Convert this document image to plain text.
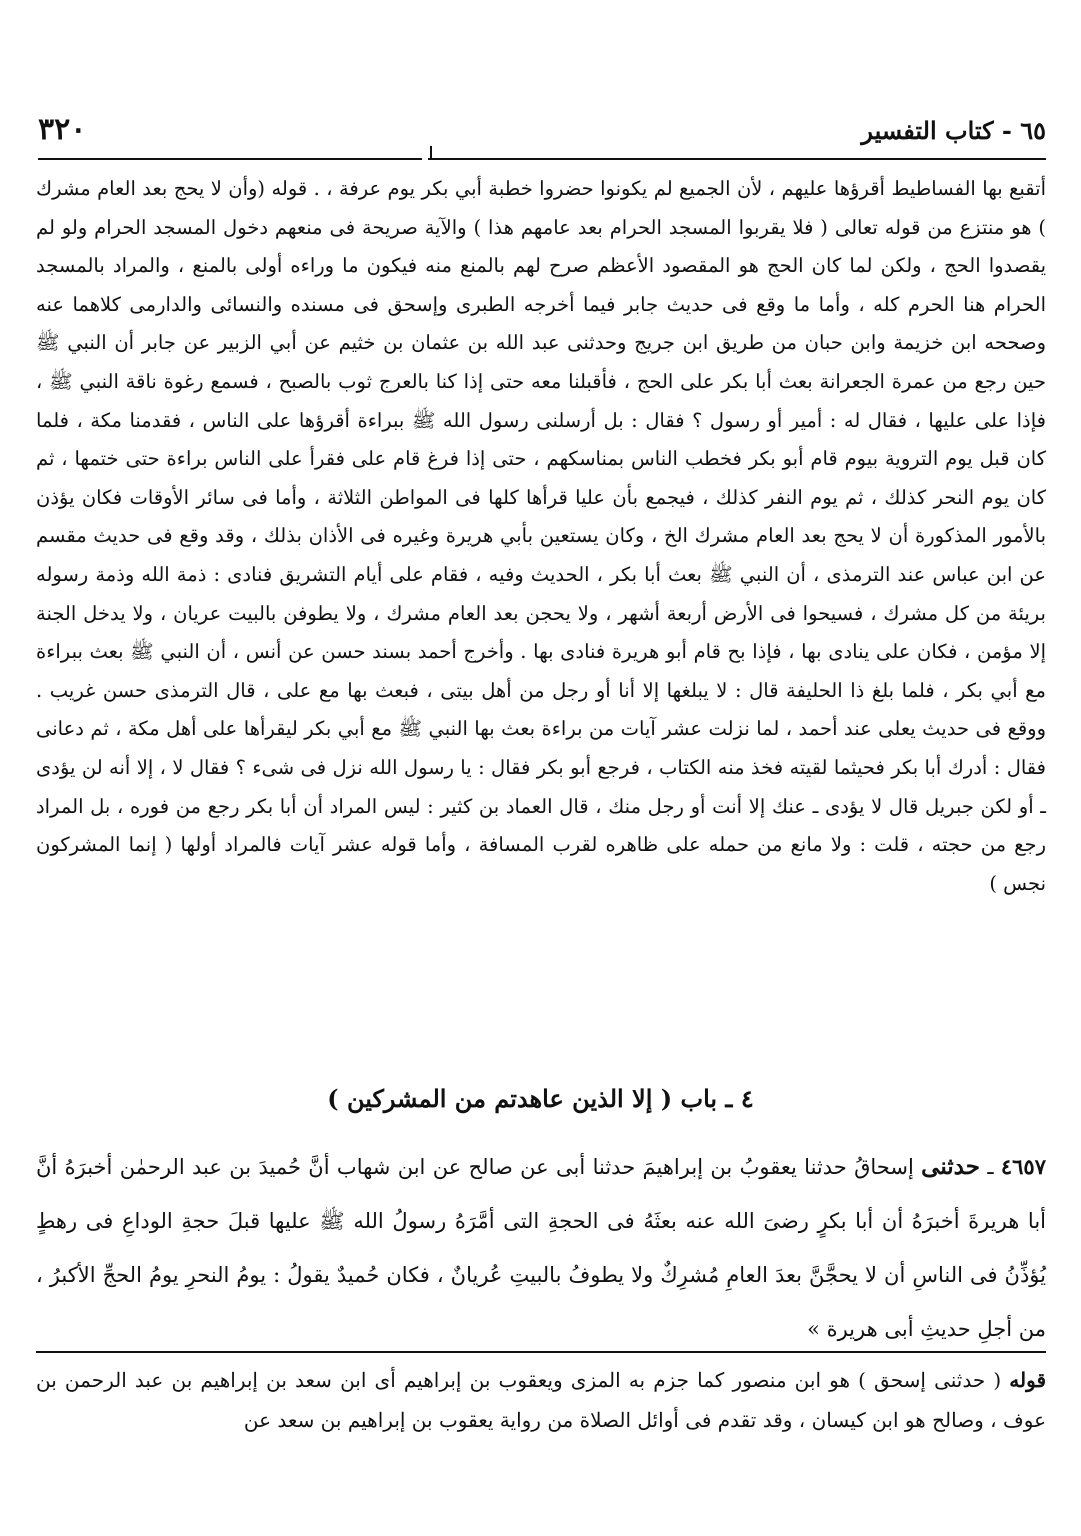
٣٢٠	٦٥ - كتاب التفسير

أتقبع بها الفساطيط أقرؤها عليهم ، لأن الجميع لم يكونوا حضروا خطبة أبي بكر يوم عرفة ، . قوله (وأن لا يحج بعد العام مشرك ) هو منتزع من قوله تعالى ( فلا يقربوا المسجد الحرام بعد عامهم هذا ) والآية صريحة فى منعهم دخول المسجد الحرام ولو لم يقصدوا الحج ، ولكن لما كان الحج هو المقصود الأعظم صرح لهم بالمنع منه فيكون ما وراءه أولى بالمنع ، والمراد بالمسجد الحرام هنا الحرم كله ، وأما ما وقع فى حديث جابر فيما أخرجه الطبرى وإسحق فى مسنده والنسائى والدارمى كلاهما عنه وصححه ابن خزيمة وابن حبان من طريق ابن جريج وحدثنى عبد الله بن عثمان بن خثيم عن أبي الزبير عن جابر أن النبي ﷺ حين رجع من عمرة الجعرانة بعث أبا بكر على الحج ، فأقبلنا معه حتى إذا كنا بالعرج ثوب بالصبح ، فسمع رغوة ناقة النبي ﷺ ، فإذا على عليها ، فقال له : أمير أو رسول ؟ فقال : بل أرسلنى رسول الله ﷺ ببراءة أقرؤها على الناس ، فقدمنا مكة ، فلما كان قبل يوم التروية بيوم قام أبو بكر فخطب الناس بمناسكهم ، حتى إذا فرغ قام على فقرأ على الناس براءة حتى ختمها ، ثم كان يوم النحر كذلك ، ثم يوم النفر كذلك ، فيجمع بأن عليا قرأها كلها فى المواطن الثلاثة ، وأما فى سائر الأوقات فكان يؤذن بالأمور المذكورة أن لا يحج بعد العام مشرك الخ ، وكان يستعين بأبي هريرة وغيره فى الأذان بذلك ، وقد وقع فى حديث مقسم عن ابن عباس عند الترمذى ، أن النبي ﷺ بعث أبا بكر ، الحديث وفيه ، فقام على أيام التشريق فنادى : ذمة الله وذمة رسوله بريئة من كل مشرك ، فسيحوا فى الأرض أربعة أشهر ، ولا يحجن بعد العام مشرك ، ولا يطوفن بالبيت عريان ، ولا يدخل الجنة إلا مؤمن ، فكان على ينادى بها ، فإذا بح قام أبو هريرة فنادى بها . وأخرج أحمد بسند حسن عن أنس ، أن النبي ﷺ بعث ببراءة مع أبي بكر ، فلما بلغ ذا الحليفة قال : لا يبلغها إلا أنا أو رجل من أهل بيتى ، فبعث بها مع على ، قال الترمذى حسن غريب . ووقع فى حديث يعلى عند أحمد ، لما نزلت عشر آيات من براءة بعث بها النبي ﷺ مع أبي بكر ليقرأها على أهل مكة ، ثم دعانى فقال : أدرك أبا بكر فحيثما لقيته فخذ منه الكتاب ، فرجع أبو بكر فقال : يا رسول الله نزل فى شىء ؟ فقال لا ، إلا أنه لن يؤدى ـ أو لكن جبريل قال لا يؤدى ـ عنك إلا أنت أو رجل منك ، قال العماد بن كثير : ليس المراد أن أبا بكر رجع من فوره ، بل المراد رجع من حجته ، قلت : ولا مانع من حمله على ظاهره لقرب المسافة ، وأما قوله عشر آيات فالمراد أولها ( إنما المشركون نجس )

٤ ـ باب ( إلا الذين عاهدتم من المشركين )

٤٦٥٧ ـ حدثنى إسحاقُ حدثنا يعقوبُ بن إبراهيمَ حدثنا أبى عن صالح عن ابن شهاب أنَّ حُميدَ بن عبد الرحمٰن أخبرَهُ أنَّ أبا هريرةَ أخبرَهُ أن أبا بكرٍ رضىَ الله عنه بعثَهُ فى الحجةِ التى أمَّرَهُ رسولُ الله ﷺ عليها قبلَ حجةِ الوداعِ فى رهطٍ يُؤذِّنُ فى الناسِ أن لا يحجَّنَّ بعدَ العامِ مُشرِكٌ ولا يطوفُ بالبيتِ عُريانٌ ، فكان حُميدٌ يقولُ : يومُ النحرِ يومُ الحجِّ الأكبرُ ، من أجلِ حديثِ أبى هريرة »

قوله ( حدثنى إسحق ) هو ابن منصور كما جزم به المزى ويعقوب بن إبراهيم أى ابن سعد بن إبراهيم بن عبد الرحمن بن عوف ، وصالح هو ابن كيسان ، وقد تقدم فى أوائل الصلاة من رواية يعقوب بن إبراهيم بن سعد عن
